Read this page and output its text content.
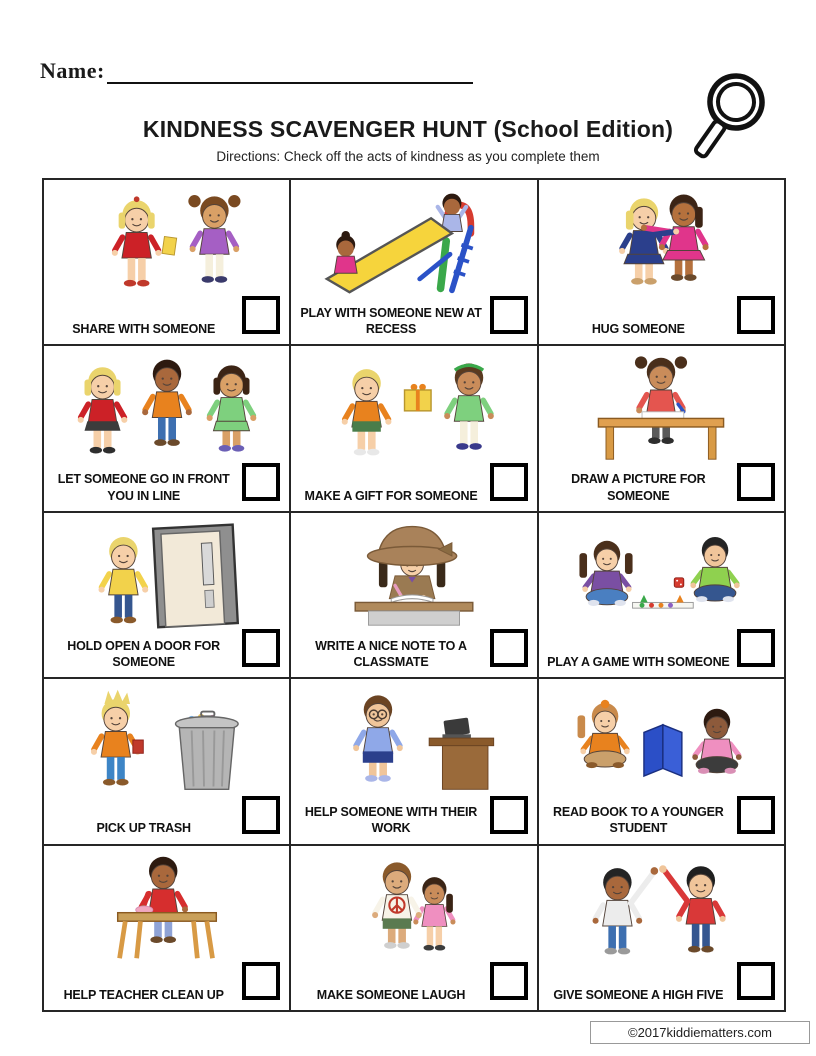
Name:
KINDNESS SCAVENGER HUNT (School Edition)
Directions: Check off the acts of kindness as you complete them
SHARE WITH SOMEONE
PLAY WITH SOMEONE NEW AT RECESS	HUG SOMEONE
LET SOMEONE GO IN FRONT YOU IN LINE	MAKE A GIFT FOR SOMEONE
DRAW A PICTURE FOR SOMEONE
HOLD OPEN A DOOR FOR SOMEONE
WRITE A NICE NOTE TO A CLASSMATE	PLAY A GAME WITH SOMEONE
PICK UP TRASH
HELP SOMEONE WITH THEIR WORK
READ BOOK TO A YOUNGER STUDENT
HELP TEACHER CLEAN UP	MAKE SOMEONE LAUGH	GIVE SOMEONE A HIGH FIVE
©2017kiddiematters.com
